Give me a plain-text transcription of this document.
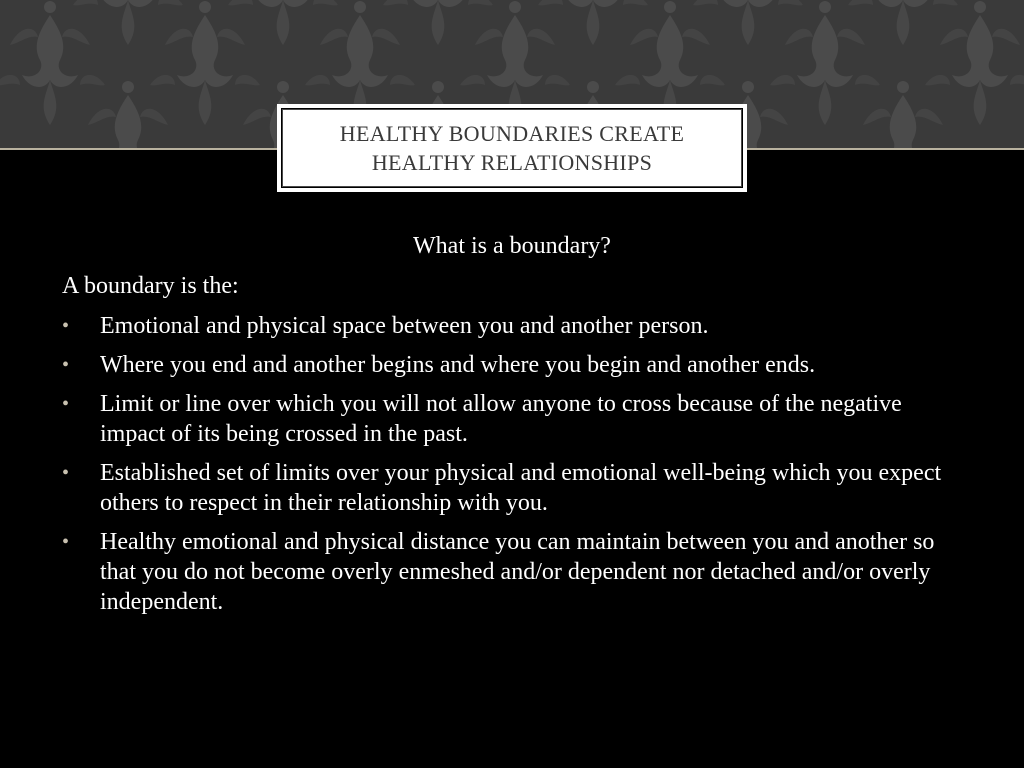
HEALTHY BOUNDARIES CREATE HEALTHY RELATIONSHIPS
What is a boundary?
A boundary is the:
•	Emotional and physical space between you and another person.
•	Where you end and another begins and where you begin and another ends.
•	Limit or line over which you will not allow anyone to cross because of the negative impact of its being crossed in the past.
•	Established set of limits over your physical and emotional well-being which you expect others to respect in their relationship with you.
•	Healthy emotional and physical distance you can maintain between you and another so that you do not become overly enmeshed and/or dependent nor detached and/or overly independent.
